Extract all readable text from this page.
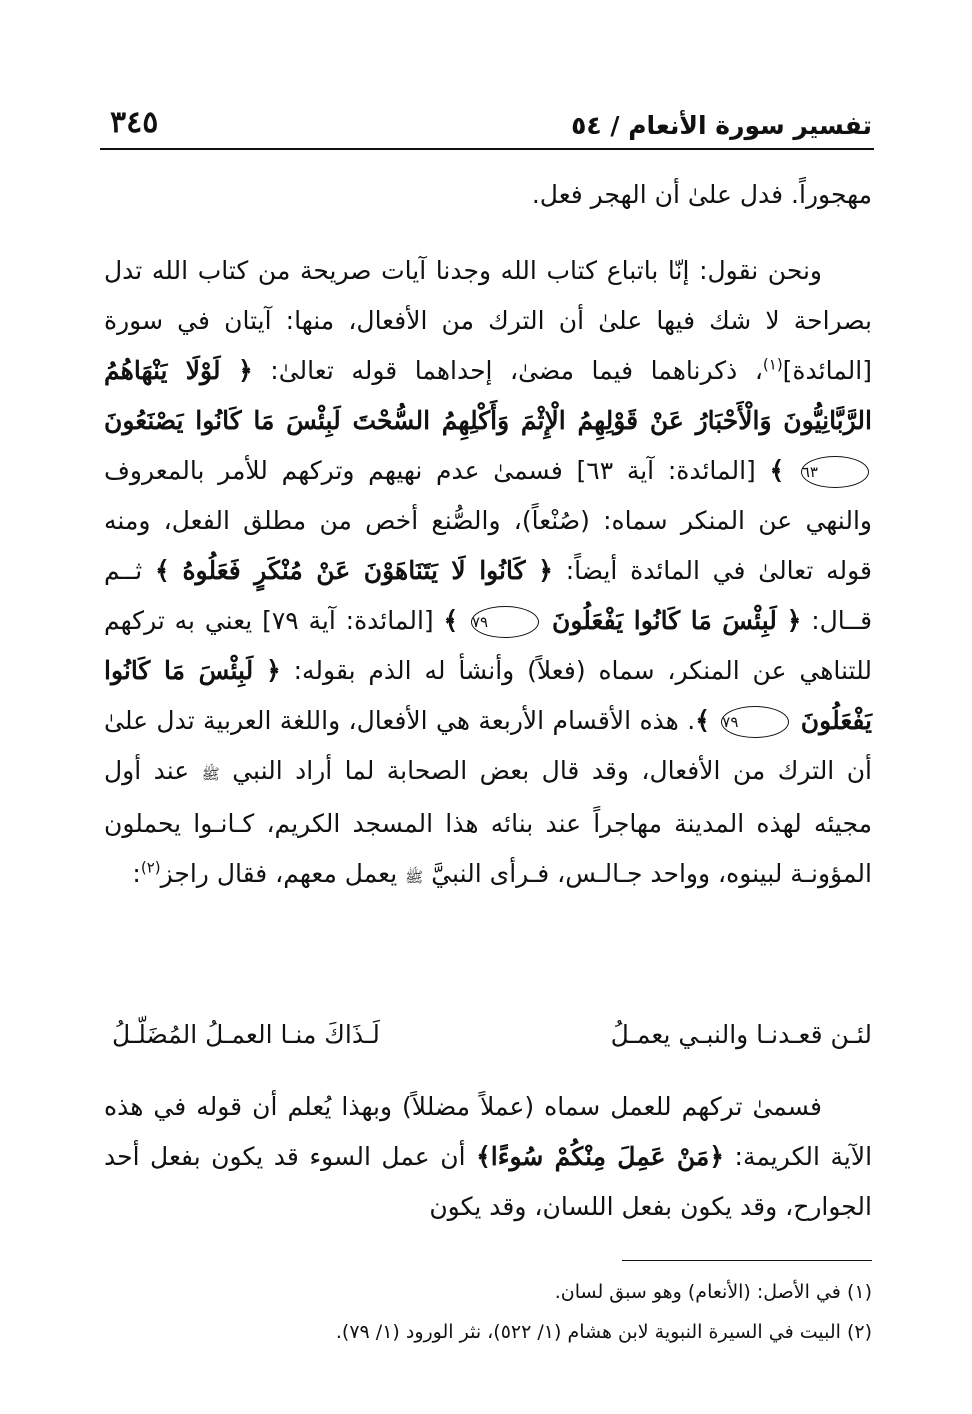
٣٤٥	تفسير سورة الأنعام / ٥٤

مهجوراً. فدل علىٰ أن الهجر فعل.

ونحن نقول: إنّا باتباع كتاب الله وجدنا آيات صريحة من كتاب الله تدل بصراحة لا شك فيها علىٰ أن الترك من الأفعال، منها: آيتان في سورة [المائدة]$^{(١)}$، ذكرناهما فيما مضىٰ، إحداهما قوله تعالىٰ: ﴿ لَوْلَا يَنْهَاهُمُ الرَّبَّانِيُّونَ وَالْأَحْبَارُ عَنْ قَوْلِهِمُ الْإِثْمَ وَأَكْلِهِمُ السُّحْتَ لَبِئْسَ مَا كَانُوا يَصْنَعُونَ ٦٣ ﴾ [المائدة: آية ٦٣] فسمىٰ عدم نهيهم وتركهم للأمر بالمعروف والنهي عن المنكر سماه: (صُنْعاً)، والصُّنع أخص من مطلق الفعل، ومنه قوله تعالىٰ في المائدة أيضاً: ﴿ كَانُوا لَا يَتَنَاهَوْنَ عَنْ مُنْكَرٍ فَعَلُوهُ ﴾ ثــم قــال: ﴿ لَبِئْسَ مَا كَانُوا يَفْعَلُونَ ٧٩ ﴾ [المائدة: آية ٧٩] يعني به تركهم للتناهي عن المنكر، سماه (فعلاً) وأنشأ له الذم بقوله: ﴿ لَبِئْسَ مَا كَانُوا يَفْعَلُونَ ٧٩ ﴾. هذه الأقسام الأربعة هي الأفعال، واللغة العربية تدل علىٰ أن الترك من الأفعال، وقد قال بعض الصحابة لما أراد النبي ﷺ عند أول مجيئه لهذه المدينة مهاجراً عند بنائه هذا المسجد الكريم، كـانـوا يحملون المؤونـة لبينوه، وواحد جـالـس، فـرأى النبيَّ ﷺ يعمل معهم، فقال راجز$^{(٢)}$:

لئـن قعـدنـا والنبـي يعمـلُ
لَـذَاكَ منـا العمـلُ المُضَلّـلُ

فسمىٰ تركهم للعمل سماه (عملاً مضللاً) وبهذا يُعلم أن قوله في هذه الآية الكريمة: ﴿مَنْ عَمِلَ مِنْكُمْ سُوءًا﴾ أن عمل السوء قد يكون بفعل أحد الجوارح، وقد يكون بفعل اللسان، وقد يكون

(١) في الأصل: (الأنعام) وهو سبق لسان.

(٢) البيت في السيرة النبوية لابن هشام (١/ ٥٢٢)، نثر الورود (١/ ٧٩).
